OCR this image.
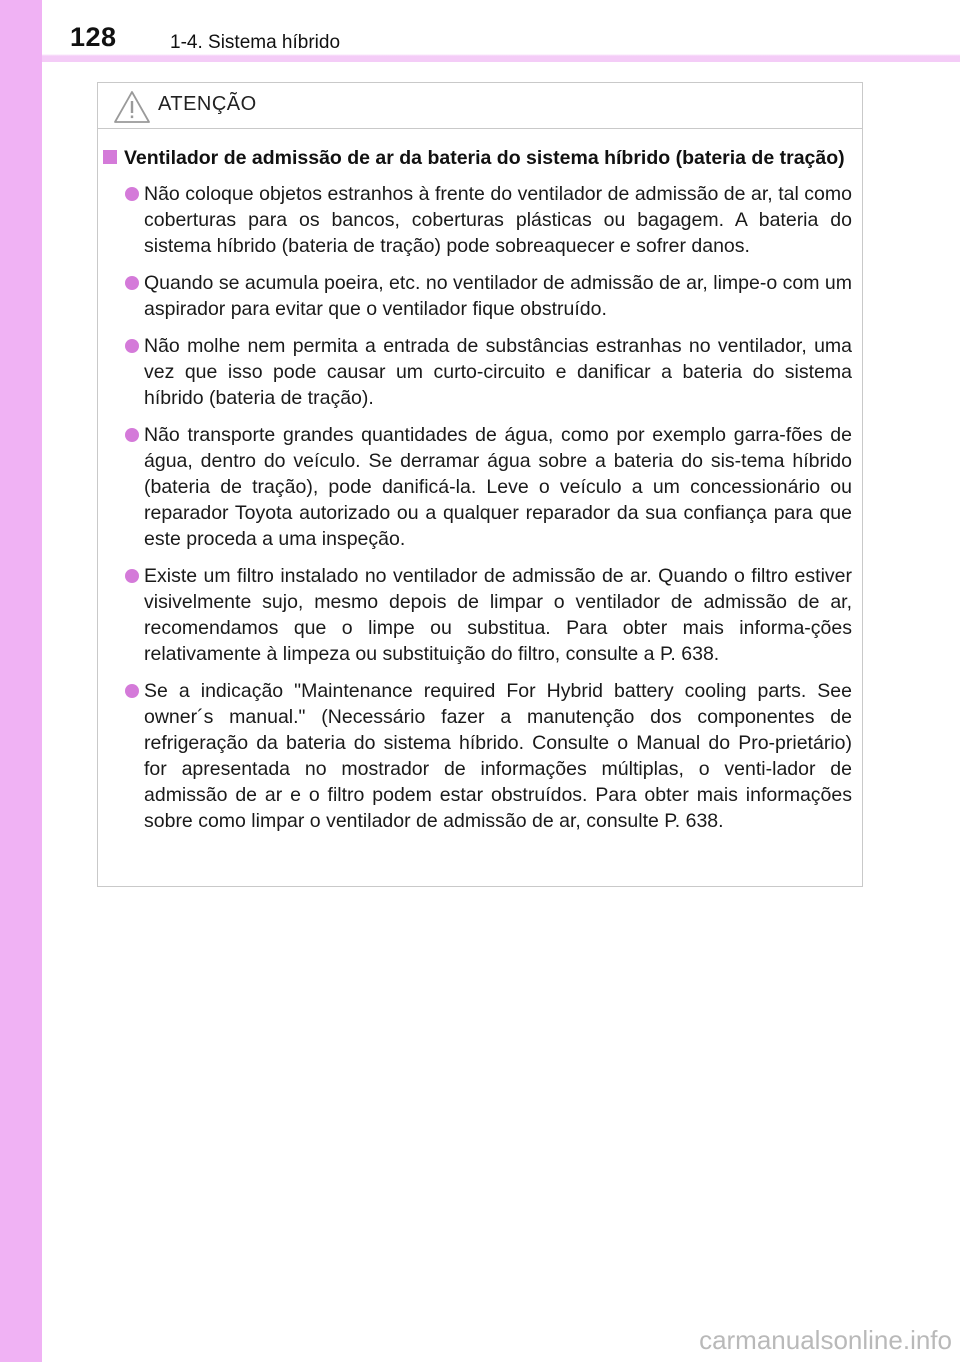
128	1-4. Sistema híbrido
ATENÇÃO
Ventilador de admissão de ar da bateria do sistema híbrido (bateria de tração)
Não coloque objetos estranhos à frente do ventilador de admissão de ar, tal como coberturas para os bancos, coberturas plásticas ou bagagem. A bateria do sistema híbrido (bateria de tração) pode sobreaquecer e sofrer danos.
Quando se acumula poeira, etc. no ventilador de admissão de ar, limpe-o com um aspirador para evitar que o ventilador fique obstruído.
Não molhe nem permita a entrada de substâncias estranhas no ventilador, uma vez que isso pode causar um curto-circuito e danificar a bateria do sistema híbrido (bateria de tração).
Não transporte grandes quantidades de água, como por exemplo garra-fões de água, dentro do veículo. Se derramar água sobre a bateria do sis-tema híbrido (bateria de tração), pode danificá-la. Leve o veículo a um concessionário ou reparador Toyota autorizado ou a qualquer reparador da sua confiança para que este proceda a uma inspeção.
Existe um filtro instalado no ventilador de admissão de ar. Quando o filtro estiver visivelmente sujo, mesmo depois de limpar o ventilador de admissão de ar, recomendamos que o limpe ou substitua. Para obter mais informa-ções relativamente à limpeza ou substituição do filtro, consulte a P. 638.
Se a indicação "Maintenance required For Hybrid battery cooling parts. See owner´s manual." (Necessário fazer a manutenção dos componentes de refrigeração da bateria do sistema híbrido. Consulte o Manual do Pro-prietário) for apresentada no mostrador de informações múltiplas, o venti-lador de admissão de ar e o filtro podem estar obstruídos. Para obter mais informações sobre como limpar o ventilador de admissão de ar, consulte P. 638.
carmanualsonline.info
